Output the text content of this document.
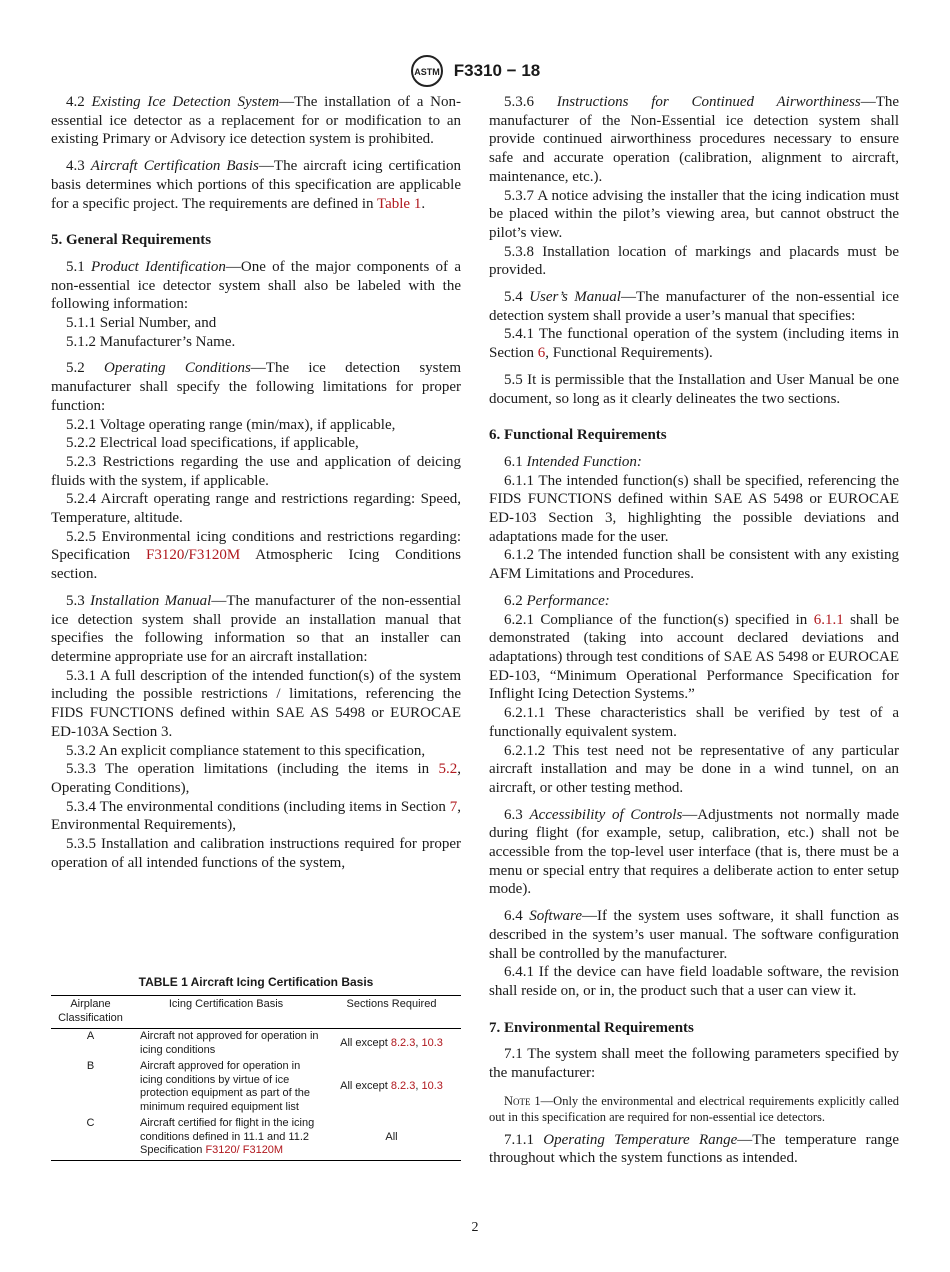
ASTM F3310 − 18

4.2 Existing Ice Detection System—The installation of a Non-essential ice detector as a replacement for or modification to an existing Primary or Advisory ice detection system is prohibited.

4.3 Aircraft Certification Basis—The aircraft icing certification basis determines which portions of this specification are applicable for a specific project. The requirements are defined in Table 1.

5. General Requirements

5.1 Product Identification—One of the major components of a non-essential ice detector system shall also be labeled with the following information:

5.1.1 Serial Number, and

5.1.2 Manufacturer’s Name.

5.2 Operating Conditions—The ice detection system manufacturer shall specify the following limitations for proper function:

5.2.1 Voltage operating range (min/max), if applicable,

5.2.2 Electrical load specifications, if applicable,

5.2.3 Restrictions regarding the use and application of deicing fluids with the system, if applicable.

5.2.4 Aircraft operating range and restrictions regarding: Speed, Temperature, altitude.

5.2.5 Environmental icing conditions and restrictions regarding: Specification F3120/F3120M Atmospheric Icing Conditions section.

5.3 Installation Manual—The manufacturer of the non-essential ice detection system shall provide an installation manual that specifies the following information so that an installer can determine appropriate use for an aircraft installation:

5.3.1 A full description of the intended function(s) of the system including the possible restrictions / limitations, referencing the FIDS FUNCTIONS defined within SAE AS 5498 or EUROCAE ED-103A Section 3.

5.3.2 An explicit compliance statement to this specification,

5.3.3 The operation limitations (including the items in 5.2, Operating Conditions),

5.3.4 The environmental conditions (including items in Section 7, Environmental Requirements),

5.3.5 Installation and calibration instructions required for proper operation of all intended functions of the system,

TABLE 1 Aircraft Icing Certification Basis
Airplane Classification	Icing Certification Basis	Sections Required
A	Aircraft not approved for operation in icing conditions	All except 8.2.3, 10.3
B	Aircraft approved for operation in icing conditions by virtue of ice protection equipment as part of the minimum required equipment list	All except 8.2.3, 10.3
C	Aircraft certified for flight in the icing conditions defined in 11.1 and 11.2 Specification F3120/ F3120M	All

5.3.6 Instructions for Continued Airworthiness—The manufacturer of the Non-Essential ice detection system shall provide continued airworthiness procedures necessary to ensure safe and accurate operation (calibration, alignment to aircraft, maintenance, etc.).

5.3.7 A notice advising the installer that the icing indication must be placed within the pilot’s viewing area, but cannot obstruct the pilot’s view.

5.3.8 Installation location of markings and placards must be provided.

5.4 User’s Manual—The manufacturer of the non-essential ice detection system shall provide a user’s manual that specifies:

5.4.1 The functional operation of the system (including items in Section 6, Functional Requirements).

5.5 It is permissible that the Installation and User Manual be one document, so long as it clearly delineates the two sections.

6. Functional Requirements

6.1 Intended Function:

6.1.1 The intended function(s) shall be specified, referencing the FIDS FUNCTIONS defined within SAE AS 5498 or EUROCAE ED-103 Section 3, highlighting the possible deviations and adaptations made for the user.

6.1.2 The intended function shall be consistent with any existing AFM Limitations and Procedures.

6.2 Performance:

6.2.1 Compliance of the function(s) specified in 6.1.1 shall be demonstrated (taking into account declared deviations and adaptations) through test conditions of SAE AS 5498 or EUROCAE ED-103, “Minimum Operational Performance Specification for Inflight Icing Detection Systems.”

6.2.1.1 These characteristics shall be verified by test of a functionally equivalent system.

6.2.1.2 This test need not be representative of any particular aircraft installation and may be done in a wind tunnel, on an aircraft, or other testing method.

6.3 Accessibility of Controls—Adjustments not normally made during flight (for example, setup, calibration, etc.) shall not be accessible from the top-level user interface (that is, there must be a menu or special entry that requires a deliberate action to enter setup mode).

6.4 Software—If the system uses software, it shall function as described in the system’s user manual. The software configuration shall be controlled by the manufacturer.

6.4.1 If the device can have field loadable software, the revision shall reside on, or in, the product such that a user can view it.

7. Environmental Requirements

7.1 The system shall meet the following parameters specified by the manufacturer:

Note 1—Only the environmental and electrical requirements explicitly called out in this specification are required for non-essential ice detectors.

7.1.1 Operating Temperature Range—The temperature range throughout which the system functions as intended.

2
